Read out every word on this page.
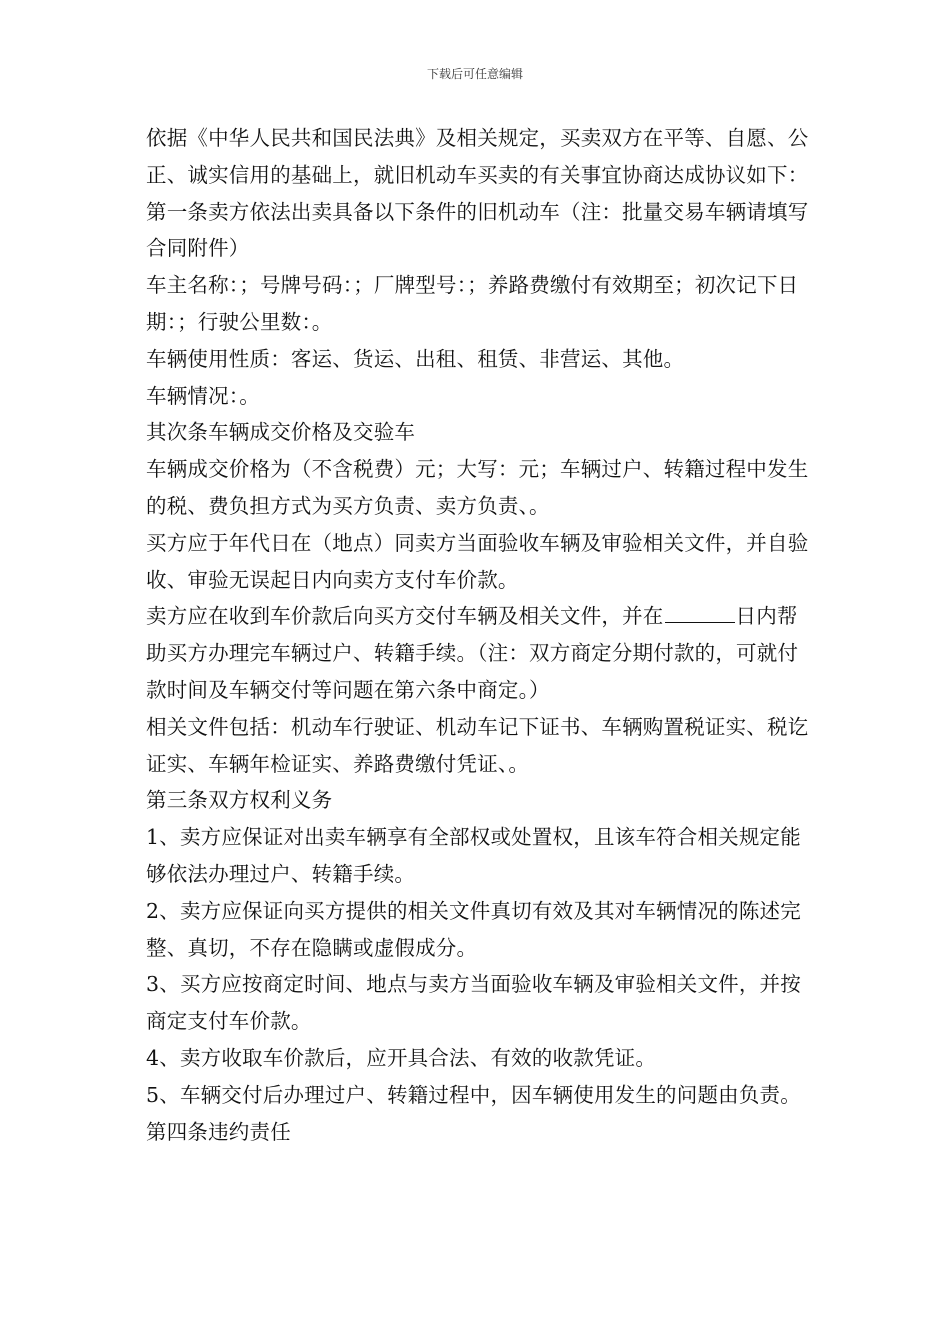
下载后可任意编辑

依据《中华人民共和国民法典》及相关规定，买卖双方在平等、自愿、公正、诚实信用的基础上，就旧机动车买卖的有关事宜协商达成协议如下：

第一条卖方依法出卖具备以下条件的旧机动车（注：批量交易车辆请填写合同附件）

车主名称：；号牌号码：；厂牌型号：；养路费缴付有效期至；初次记下日期：；行驶公里数：。

车辆使用性质：客运、货运、出租、租赁、非营运、其他。

车辆情况：。

其次条车辆成交价格及交验车

车辆成交价格为（不含税费）元；大写：元；车辆过户、转籍过程中发生的税、费负担方式为买方负责、卖方负责、。

买方应于年代日在（地点）同卖方当面验收车辆及审验相关文件，并自验收、审验无误起日内向卖方支付车价款。

卖方应在收到车价款后向买方交付车辆及相关文件，并在	日内帮助买方办理完车辆过户、转籍手续。（注：双方商定分期付款的，可就付款时间及车辆交付等问题在第六条中商定。）

相关文件包括：机动车行驶证、机动车记下证书、车辆购置税证实、税讫证实、车辆年检证实、养路费缴付凭证、。

第三条双方权利义务

1、卖方应保证对出卖车辆享有全部权或处置权，且该车符合相关规定能够依法办理过户、转籍手续。

2、卖方应保证向买方提供的相关文件真切有效及其对车辆情况的陈述完整、真切，不存在隐瞒或虚假成分。

3、买方应按商定时间、地点与卖方当面验收车辆及审验相关文件，并按商定支付车价款。

4、卖方收取车价款后，应开具合法、有效的收款凭证。

5、车辆交付后办理过户、转籍过程中，因车辆使用发生的问题由负责。

第四条违约责任
